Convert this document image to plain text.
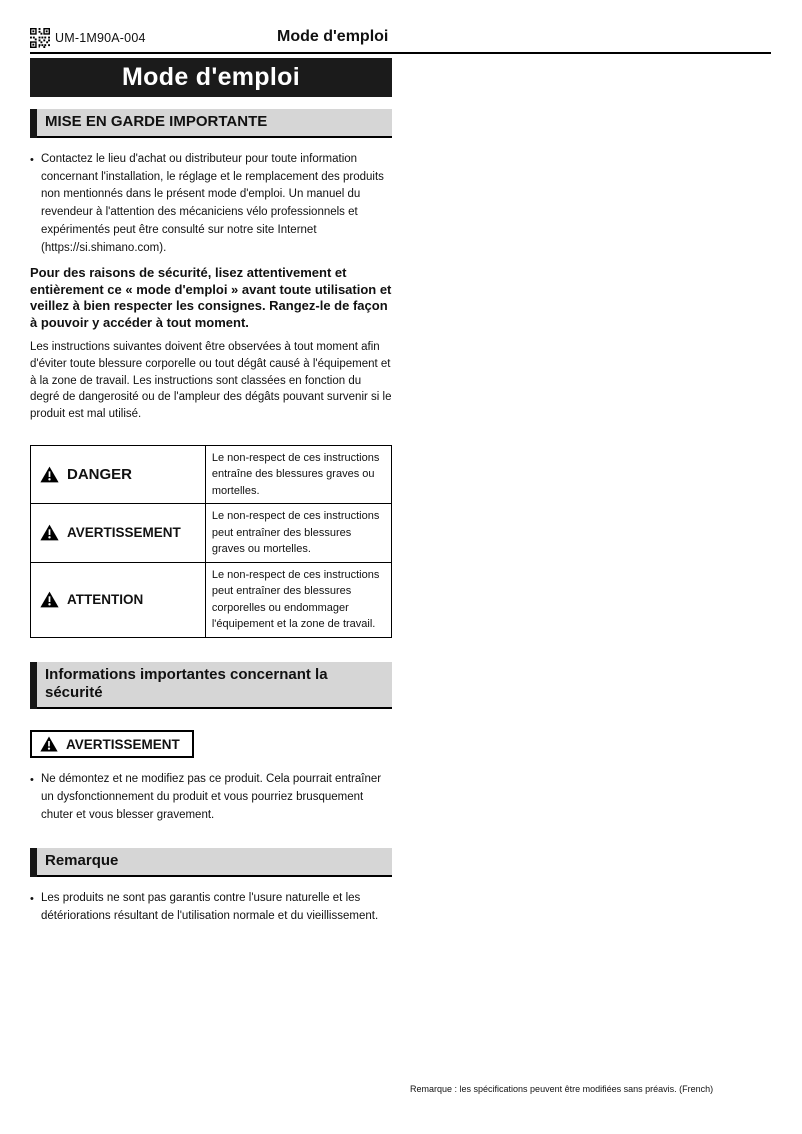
UM-1M90A-004	Mode d'emploi
Mode d'emploi
MISE EN GARDE IMPORTANTE
• Contactez le lieu d'achat ou distributeur pour toute information concernant l'installation, le réglage et le remplacement des produits non mentionnés dans le présent mode d'emploi. Un manuel du revendeur à l'attention des mécaniciens vélo professionnels et expérimentés peut être consulté sur notre site Internet (https://si.shimano.com).
Pour des raisons de sécurité, lisez attentivement et entièrement ce « mode d'emploi » avant toute utilisation et veillez à bien respecter les consignes. Rangez-le de façon à pouvoir y accéder à tout moment.
Les instructions suivantes doivent être observées à tout moment afin d'éviter toute blessure corporelle ou tout dégât causé à l'équipement et à la zone de travail. Les instructions sont classées en fonction du degré de dangerosité ou de l'ampleur des dégâts pouvant survenir si le produit est mal utilisé.
DANGER	Le non-respect de ces instructions entraîne des blessures graves ou mortelles.

AVERTISSEMENT	Le non-respect de ces instructions peut entraîner des blessures graves ou mortelles.

ATTENTION	Le non-respect de ces instructions peut entraîner des blessures corporelles ou endommager l'équipement et la zone de travail.
Informations importantes concernant la sécurité
AVERTISSEMENT
• Ne démontez et ne modifiez pas ce produit. Cela pourrait entraîner un dysfonctionnement du produit et vous pourriez brusquement chuter et vous blesser gravement.
Remarque
• Les produits ne sont pas garantis contre l'usure naturelle et les détériorations résultant de l'utilisation normale et du vieillissement.
Remarque : les spécifications peuvent être modifiées sans préavis. (French)
